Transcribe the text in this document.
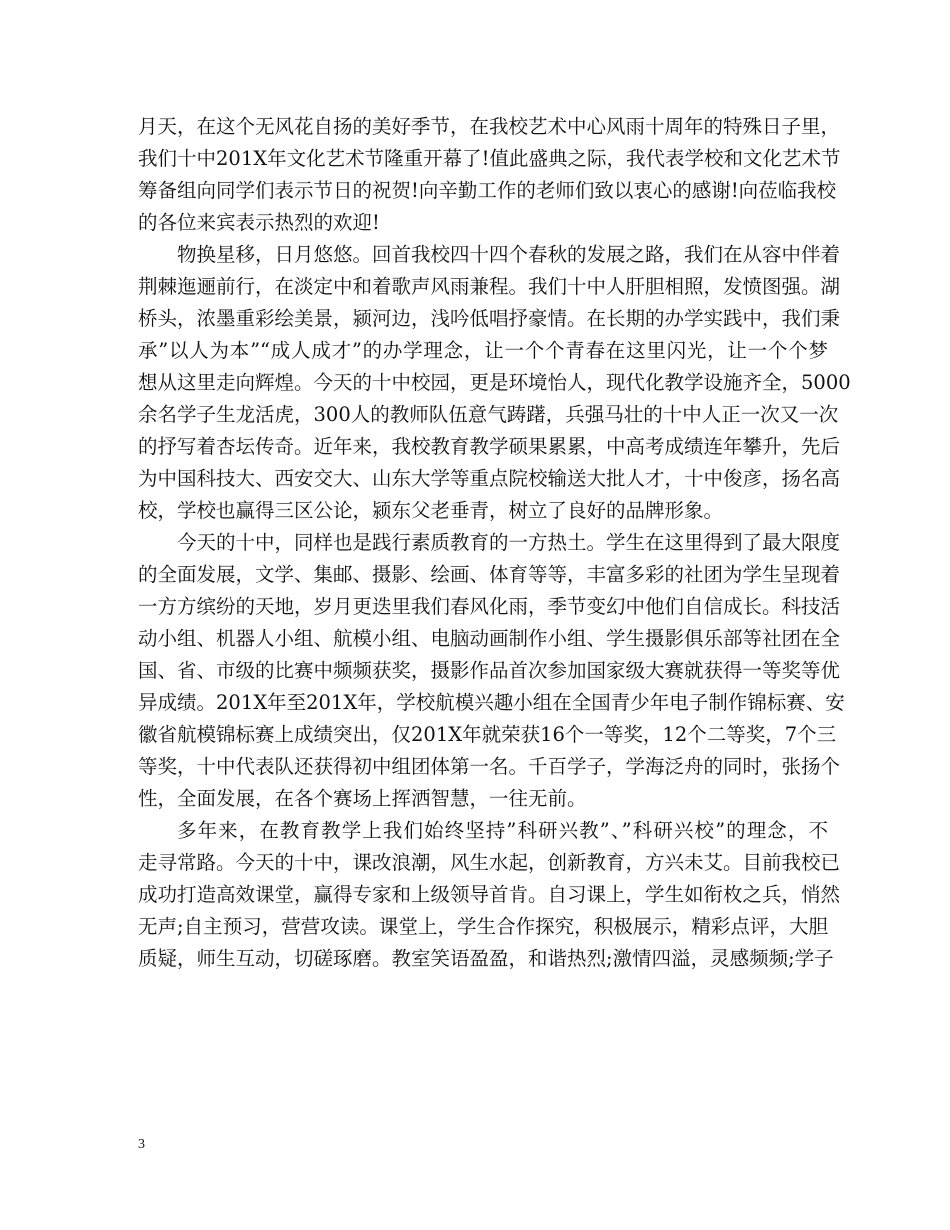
月天，在这个无风花自扬的美好季节，在我校艺术中心风雨十周年的特殊日子里，
我们十中201X年文化艺术节隆重开幕了!值此盛典之际，我代表学校和文化艺术节
筹备组向同学们表示节日的祝贺!向辛勤工作的老师们致以衷心的感谢!向莅临我校
的各位来宾表示热烈的欢迎!
物换星移，日月悠悠。回首我校四十四个春秋的发展之路，我们在从容中伴着
荆棘迤逦前行，在淡定中和着歌声风雨兼程。我们十中人肝胆相照，发愤图强。湖
桥头，浓墨重彩绘美景，颍河边，浅吟低唱抒豪情。在长期的办学实践中，我们秉
承”以人为本”“成人成才”的办学理念，让一个个青春在这里闪光，让一个个梦
想从这里走向辉煌。今天的十中校园，更是环境怡人，现代化教学设施齐全，5000
余名学子生龙活虎，300人的教师队伍意气踌躇，兵强马壮的十中人正一次又一次
的抒写着杏坛传奇。近年来，我校教育教学硕果累累，中高考成绩连年攀升，先后
为中国科技大、西安交大、山东大学等重点院校输送大批人才，十中俊彦，扬名高
校，学校也赢得三区公论，颍东父老垂青，树立了良好的品牌形象。
今天的十中，同样也是践行素质教育的一方热土。学生在这里得到了最大限度
的全面发展，文学、集邮、摄影、绘画、体育等等，丰富多彩的社团为学生呈现着
一方方缤纷的天地，岁月更迭里我们春风化雨，季节变幻中他们自信成长。科技活
动小组、机器人小组、航模小组、电脑动画制作小组、学生摄影俱乐部等社团在全
国、省、市级的比赛中频频获奖，摄影作品首次参加国家级大赛就获得一等奖等优
异成绩。201X年至201X年，学校航模兴趣小组在全国青少年电子制作锦标赛、安
徽省航模锦标赛上成绩突出，仅201X年就荣获16个一等奖，12个二等奖，7个三
等奖，十中代表队还获得初中组团体第一名。千百学子，学海泛舟的同时，张扬个
性，全面发展，在各个赛场上挥洒智慧，一往无前。
多年来，在教育教学上我们始终坚持”科研兴教”、”科研兴校”的理念，不
走寻常路。今天的十中，课改浪潮，风生水起，创新教育，方兴未艾。目前我校已
成功打造高效课堂，赢得专家和上级领导首肯。自习课上，学生如衔枚之兵，悄然
无声;自主预习，营营攻读。课堂上，学生合作探究，积极展示，精彩点评，大胆
质疑，师生互动，切磋琢磨。教室笑语盈盈，和谐热烈;激情四溢，灵感频频;学子
3
